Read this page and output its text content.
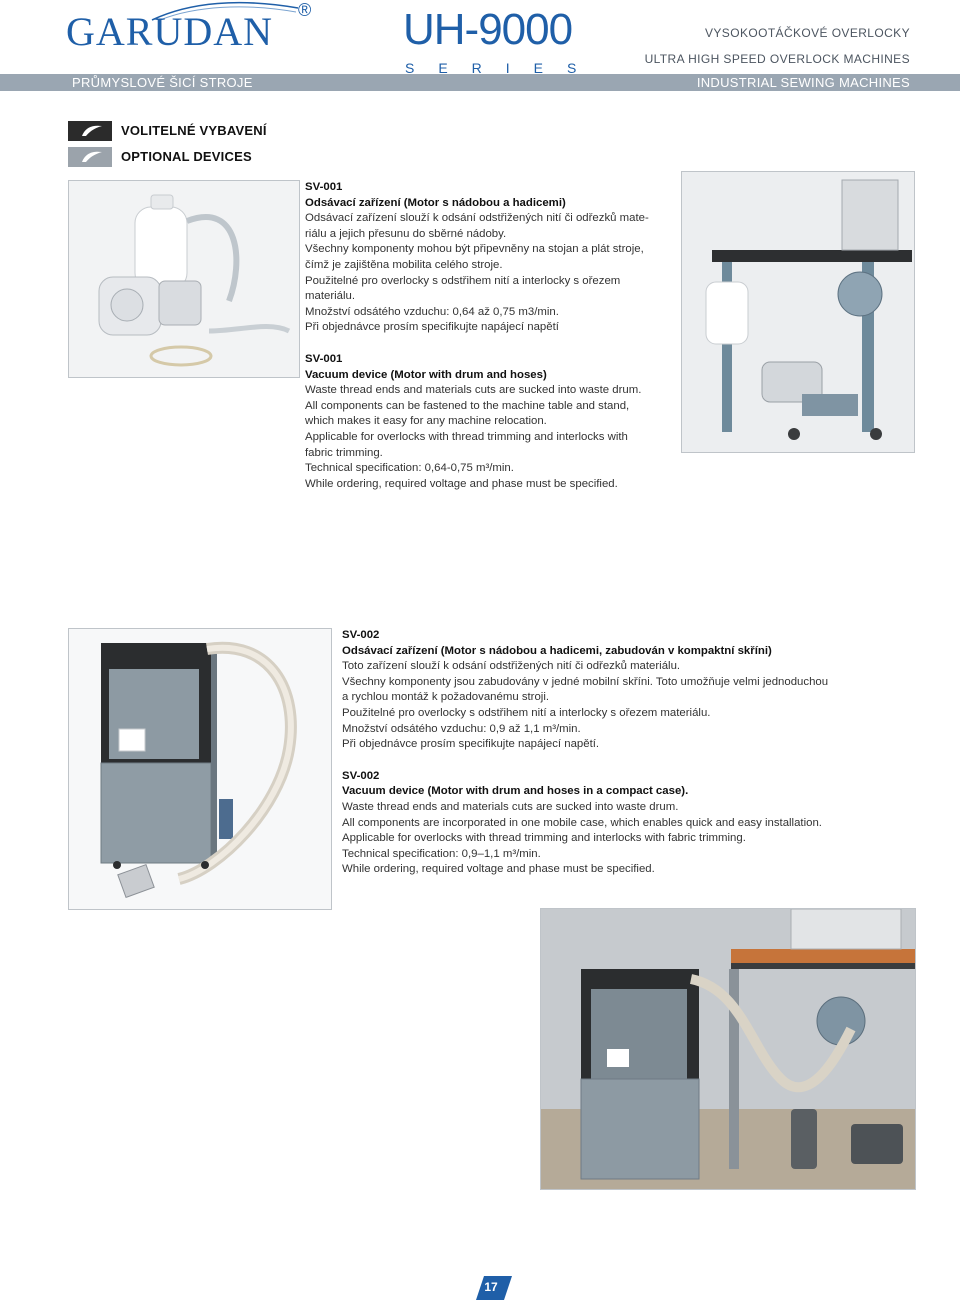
GARUDAN ®
PRŮMYSLOVÉ ŠICÍ STROJE
UH-9000
SERIES
VYSOKOOTÁČKOVÉ OVERLOCKY
ULTRA HIGH SPEED OVERLOCK MACHINES
INDUSTRIAL SEWING MACHINES
VOLITELNÉ VYBAVENÍ
OPTIONAL DEVICES

SV-001

Odsávací zařízení (Motor s nádobou a hadicemi)

Odsávací zařízení slouží k odsání odstřižených nití či odřezků mate-

riálu a jejich přesunu do sběrné nádoby.

Všechny komponenty mohou být připevněny na stojan a plát stroje,

čímž je zajištěna mobilita celého stroje.

Použitelné pro overlocky s odstřihem nití a interlocky s ořezem

materiálu.

Množství odsátého vzduchu: 0,64 až 0,75 m3/min.

Při objednávce prosím specifikujte napájecí napětí

SV-001

Vacuum device (Motor with drum and hoses)

Waste thread ends and materials cuts are sucked into waste drum.

All components can be fastened to the machine table and stand,

which makes it easy for any machine relocation.

Applicable for overlocks with thread trimming and interlocks with

fabric trimming.

Technical specification: 0,64-0,75 m³/min.

While ordering, required voltage and phase must be specified.

SV-002

Odsávací zařízení (Motor s nádobou a hadicemi, zabudován v kompaktní skříni)

Toto zařízení slouží k odsání odstřižených nití či odřezků materiálu.

Všechny komponenty jsou zabudovány v jedné mobilní skříni. Toto umožňuje velmi jednoduchou

a rychlou montáž k požadovanému stroji.

Použitelné pro overlocky s odstřihem nití a interlocky s ořezem materiálu.

Množství odsátého vzduchu: 0,9 až 1,1 m³/min.

Při objednávce prosím specifikujte napájecí napětí.

SV-002

Vacuum device (Motor with drum and hoses in a compact case).

Waste thread ends and materials cuts are sucked into waste drum.

All components are incorporated in one mobile case, which enables quick and easy installation.

Applicable for overlocks with thread trimming and interlocks with fabric trimming.

Technical specification: 0,9–1,1 m³/min.

While ordering, required voltage and phase must be specified.

17
